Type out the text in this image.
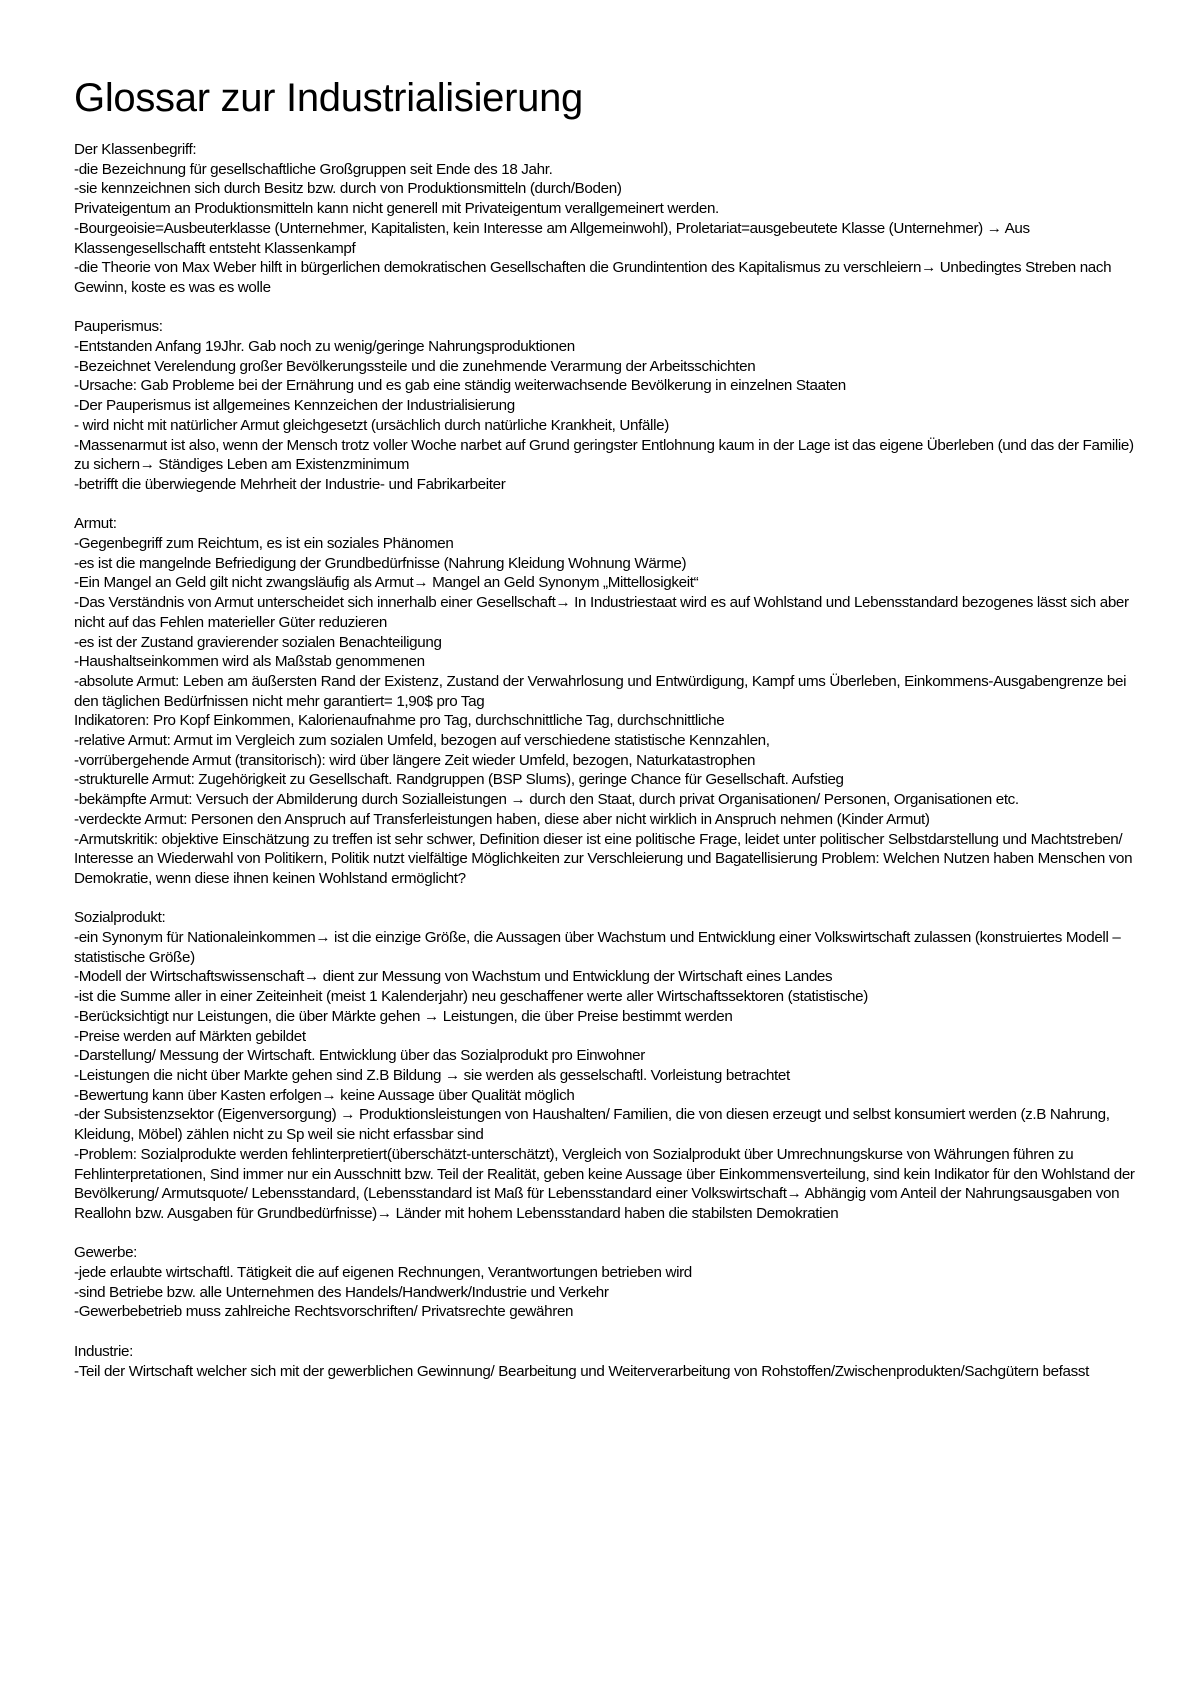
Glossar zur Industrialisierung

Der Klassenbegriff:

-die Bezeichnung für gesellschaftliche Großgruppen seit Ende des 18 Jahr.

-sie kennzeichnen sich durch Besitz bzw. durch von Produktionsmitteln (durch/Boden)

Privateigentum an Produktionsmitteln kann nicht generell mit Privateigentum verallgemeinert werden.

-Bourgeoisie=Ausbeuterklasse (Unternehmer, Kapitalisten, kein Interesse am Allgemeinwohl), Proletariat=ausgebeutete Klasse (Unternehmer) → Aus Klassengesellschafft entsteht Klassenkampf

-die Theorie von Max Weber hilft in bürgerlichen demokratischen Gesellschaften die Grundintention des Kapitalismus zu verschleiern→ Unbedingtes Streben nach Gewinn, koste es was es wolle

Pauperismus:

-Entstanden Anfang 19Jhr. Gab noch zu wenig/geringe Nahrungsproduktionen

-Bezeichnet Verelendung großer Bevölkerungssteile und die zunehmende Verarmung der Arbeitsschichten

-Ursache: Gab Probleme bei der Ernährung und es gab eine ständig weiterwachsende Bevölkerung in einzelnen Staaten

-Der Pauperismus ist allgemeines Kennzeichen der Industrialisierung

- wird nicht mit natürlicher Armut gleichgesetzt (ursächlich durch natürliche Krankheit, Unfälle)

-Massenarmut ist also, wenn der Mensch trotz voller Woche narbet auf Grund geringster Entlohnung kaum in der Lage ist das eigene Überleben (und das der Familie) zu sichern→ Ständiges Leben am Existenzminimum

-betrifft die überwiegende Mehrheit der Industrie- und Fabrikarbeiter

Armut:

-Gegenbegriff zum Reichtum, es ist ein soziales Phänomen

-es ist die mangelnde Befriedigung der Grundbedürfnisse (Nahrung Kleidung Wohnung Wärme)

-Ein Mangel an Geld gilt nicht zwangsläufig als Armut→ Mangel an Geld Synonym „Mittellosigkeit“

-Das Verständnis von Armut unterscheidet sich innerhalb einer Gesellschaft→ In Industriestaat wird es auf Wohlstand und Lebensstandard bezogenes lässt sich aber nicht auf das Fehlen materieller Güter reduzieren

-es ist der Zustand gravierender sozialen Benachteiligung

-Haushaltseinkommen wird als Maßstab genommenen

-absolute Armut: Leben am äußersten Rand der Existenz, Zustand der Verwahrlosung und Entwürdigung, Kampf ums Überleben, Einkommens-Ausgabengrenze bei den täglichen Bedürfnissen nicht mehr garantiert= 1,90$ pro Tag

Indikatoren: Pro Kopf Einkommen, Kalorienaufnahme pro Tag, durchschnittliche Tag, durchschnittliche

-relative Armut: Armut im Vergleich zum sozialen Umfeld, bezogen auf verschiedene statistische Kennzahlen,

-vorrübergehende Armut (transitorisch): wird über längere Zeit wieder Umfeld, bezogen, Naturkatastrophen

-strukturelle Armut: Zugehörigkeit zu Gesellschaft. Randgruppen (BSP Slums), geringe Chance für Gesellschaft. Aufstieg

-bekämpfte Armut: Versuch der Abmilderung durch Sozialleistungen → durch den Staat, durch privat Organisationen/ Personen, Organisationen etc.

-verdeckte Armut: Personen den Anspruch auf Transferleistungen haben, diese aber nicht wirklich in Anspruch nehmen (Kinder Armut)

-Armutskritik: objektive Einschätzung zu treffen ist sehr schwer, Definition dieser ist eine politische Frage, leidet unter politischer Selbstdarstellung und Machtstreben/ Interesse an Wiederwahl von Politikern, Politik nutzt vielfältige Möglichkeiten zur Verschleierung und Bagatellisierung Problem: Welchen Nutzen haben Menschen von Demokratie, wenn diese ihnen keinen Wohlstand ermöglicht?

Sozialprodukt:

-ein Synonym für Nationaleinkommen→ ist die einzige Größe, die Aussagen über Wachstum und Entwicklung einer Volkswirtschaft zulassen (konstruiertes Modell – statistische Größe)

-Modell der Wirtschaftswissenschaft→ dient zur Messung von Wachstum und Entwicklung der Wirtschaft eines Landes

-ist die Summe aller in einer Zeiteinheit (meist 1 Kalenderjahr) neu geschaffener werte aller Wirtschaftssektoren (statistische)

-Berücksichtigt nur Leistungen, die über Märkte gehen → Leistungen, die über Preise bestimmt werden

-Preise werden auf Märkten gebildet

-Darstellung/ Messung der Wirtschaft. Entwicklung über das Sozialprodukt pro Einwohner

-Leistungen die nicht über Markte gehen sind Z.B Bildung → sie werden als gesselschaftl. Vorleistung betrachtet

-Bewertung kann über Kasten erfolgen→ keine Aussage über Qualität möglich

-der Subsistenzsektor (Eigenversorgung) → Produktionsleistungen von Haushalten/ Familien, die von diesen erzeugt und selbst konsumiert werden (z.B Nahrung, Kleidung, Möbel) zählen nicht zu Sp weil sie nicht erfassbar sind

-Problem: Sozialprodukte werden fehlinterpretiert(überschätzt-unterschätzt), Vergleich von Sozialprodukt über Umrechnungskurse von Währungen führen zu Fehlinterpretationen, Sind immer nur ein Ausschnitt bzw. Teil der Realität, geben keine Aussage über Einkommensverteilung, sind kein Indikator für den Wohlstand der Bevölkerung/ Armutsquote/ Lebensstandard, (Lebensstandard ist Maß für Lebensstandard einer Volkswirtschaft→ Abhängig vom Anteil der Nahrungsausgaben von Reallohn bzw. Ausgaben für Grundbedürfnisse)→ Länder mit hohem Lebensstandard haben die stabilsten Demokratien

Gewerbe:

-jede erlaubte wirtschaftl. Tätigkeit die auf eigenen Rechnungen, Verantwortungen betrieben wird

-sind Betriebe bzw. alle Unternehmen des Handels/Handwerk/Industrie und Verkehr

-Gewerbebetrieb muss zahlreiche Rechtsvorschriften/ Privatsrechte gewähren

Industrie:

-Teil der Wirtschaft welcher sich mit der gewerblichen Gewinnung/ Bearbeitung und Weiterverarbeitung von Rohstoffen/Zwischenprodukten/Sachgütern befasst
